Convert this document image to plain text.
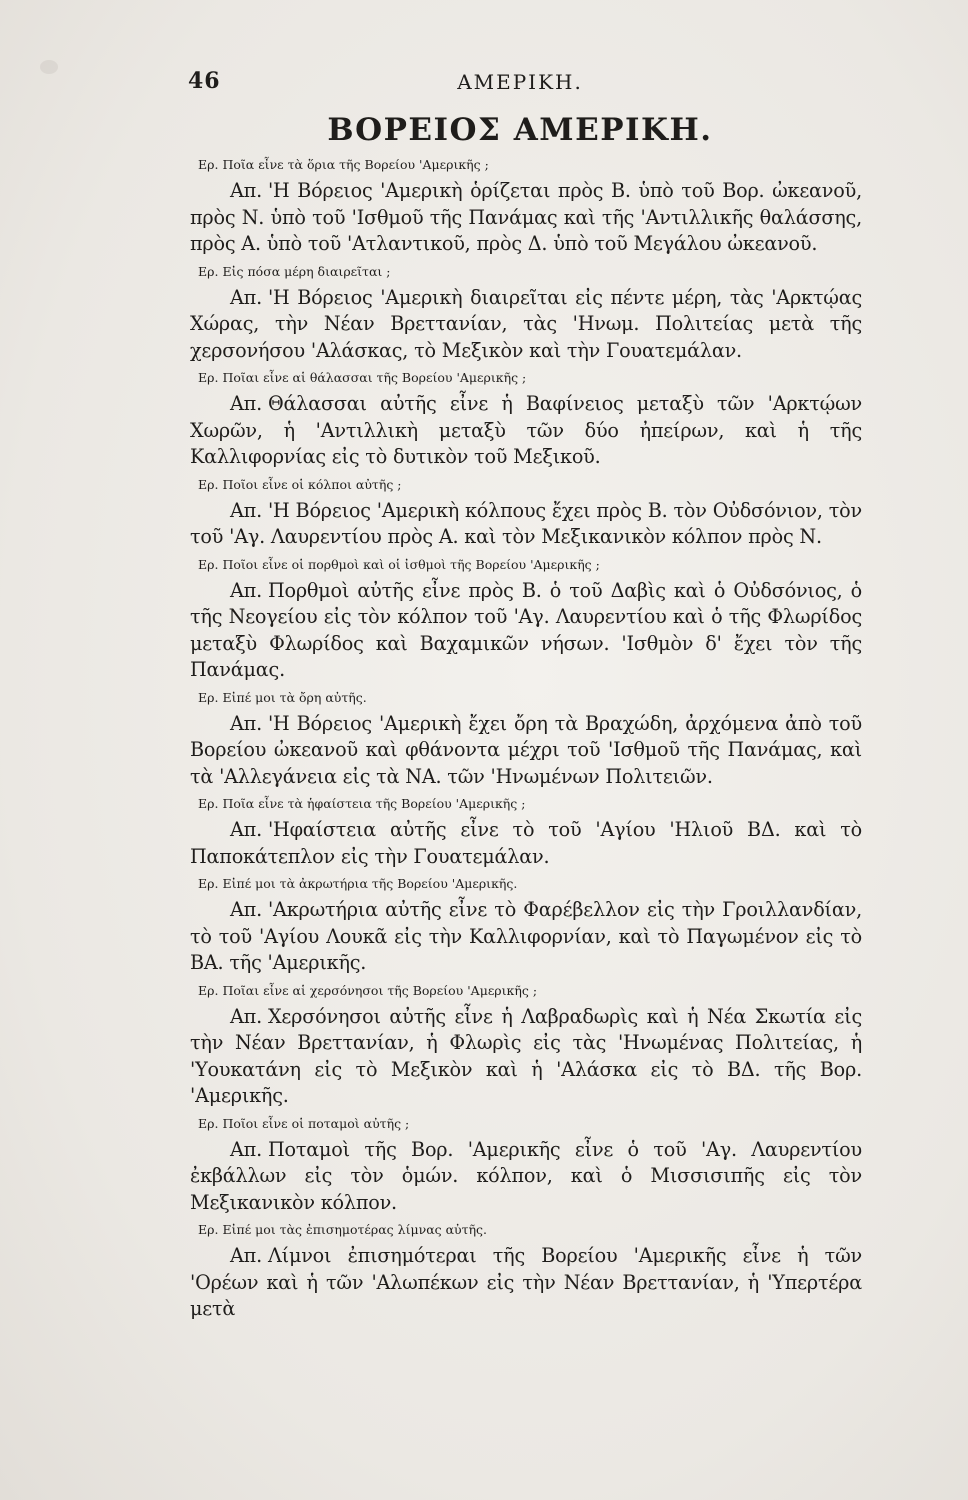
46	ΑΜΕΡΙΚΗ.
ΒΟΡΕΙΟΣ ΑΜΕΡΙΚΗ.

Ερ. Ποῖα εἶνε τὰ ὅρια τῆς Βορείου 'Αμερικῆς ;

Απ. 'Η Βόρειος 'Αμερικὴ ὁρίζεται πρὸς Β. ὑπὸ τοῦ Βορ. ὠκεανοῦ, πρὸς Ν. ὑπὸ τοῦ 'Ισθμοῦ τῆς Πανάμας καὶ τῆς 'Αντιλλικῆς θαλάσσης, πρὸς Α. ὑπὸ τοῦ 'Ατλαντικοῦ, πρὸς Δ. ὑπὸ τοῦ Μεγάλου ὠκεανοῦ.

Ερ. Εἰς πόσα μέρη διαιρεῖται ;

Απ. 'Η Βόρειος 'Αμερικὴ διαιρεῖται εἰς πέντε μέρη, τὰς 'Αρκτῴας Χώρας, τὴν Νέαν Βρεττανίαν, τὰς 'Ηνωμ. Πολιτείας μετὰ τῆς χερσονήσου 'Αλάσκας, τὸ Μεξικὸν καὶ τὴν Γουατεμάλαν.

Ερ. Ποῖαι εἶνε αἱ θάλασσαι τῆς Βορείου 'Αμερικῆς ;

Απ. Θάλασσαι αὐτῆς εἶνε ἡ Βαφίνειος μεταξὺ τῶν 'Αρκτῴων Χωρῶν, ἡ 'Αντιλλικὴ μεταξὺ τῶν δύο ἠπείρων, καὶ ἡ τῆς Καλλιφορνίας εἰς τὸ δυτικὸν τοῦ Μεξικοῦ.

Ερ. Ποῖοι εἶνε οἱ κόλποι αὐτῆς ;

Απ. 'Η Βόρειος 'Αμερικὴ κόλπους ἔχει πρὸς Β. τὸν Οὐδσόνιον, τὸν τοῦ 'Αγ. Λαυρεντίου πρὸς Α. καὶ τὸν Μεξικανικὸν κόλπον πρὸς Ν.

Ερ. Ποῖοι εἶνε οἱ πορθμοὶ καὶ οἱ ἰσθμοὶ τῆς Βορείου 'Αμερικῆς ;

Απ. Πορθμοὶ αὐτῆς εἶνε πρὸς Β. ὁ τοῦ Δαβὶς καὶ ὁ Οὐδσόνιος, ὁ τῆς Νεογείου εἰς τὸν κόλπον τοῦ 'Αγ. Λαυρεντίου καὶ ὁ τῆς Φλωρίδος μεταξὺ Φλωρίδος καὶ Βαχαμικῶν νήσων. 'Ισθμὸν δ' ἔχει τὸν τῆς Πανάμας.

Ερ. Εἰπέ μοι τὰ ὄρη αὐτῆς.

Απ. 'Η Βόρειος 'Αμερικὴ ἔχει ὄρη τὰ Βραχώδη, ἀρχόμενα ἀπὸ τοῦ Βορείου ὠκεανοῦ καὶ φθάνοντα μέχρι τοῦ 'Ισθμοῦ τῆς Πανάμας, καὶ τὰ 'Αλλεγάνεια εἰς τὰ ΝΑ. τῶν 'Ηνωμένων Πολιτειῶν.

Ερ. Ποῖα εἶνε τὰ ἡφαίστεια τῆς Βορείου 'Αμερικῆς ;

Απ. 'Ηφαίστεια αὐτῆς εἶνε τὸ τοῦ 'Αγίου 'Ηλιοῦ ΒΔ. καὶ τὸ Παποκάτεπλον εἰς τὴν Γουατεμάλαν.

Ερ. Εἰπέ μοι τὰ ἀκρωτήρια τῆς Βορείου 'Αμερικῆς.

Απ. 'Ακρωτήρια αὐτῆς εἶνε τὸ Φαρέβελλον εἰς τὴν Γροιλλανδίαν, τὸ τοῦ 'Αγίου Λουκᾶ εἰς τὴν Καλλιφορνίαν, καὶ τὸ Παγωμένον εἰς τὸ ΒΑ. τῆς 'Αμερικῆς.

Ερ. Ποῖαι εἶνε αἱ χερσόνησοι τῆς Βορείου 'Αμερικῆς ;

Απ. Χερσόνησοι αὐτῆς εἶνε ἡ Λαβραδωρὶς καὶ ἡ Νέα Σκωτία εἰς τὴν Νέαν Βρεττανίαν, ἡ Φλωρὶς εἰς τὰς 'Ηνωμένας Πολιτείας, ἡ 'Υουκατάνη εἰς τὸ Μεξικὸν καὶ ἡ 'Αλάσκα εἰς τὸ ΒΔ. τῆς Βορ. 'Αμερικῆς.

Ερ. Ποῖοι εἶνε οἱ ποταμοὶ αὐτῆς ;

Απ. Ποταμοὶ τῆς Βορ. 'Αμερικῆς εἶνε ὁ τοῦ 'Αγ. Λαυρεντίου ἐκβάλλων εἰς τὸν ὁμών. κόλπον, καὶ ὁ Μισσισιπῆς εἰς τὸν Μεξικανικὸν κόλπον.

Ερ. Εἰπέ μοι τὰς ἐπισημοτέρας λίμνας αὐτῆς.

Απ. Λίμνοι ἐπισημότεραι τῆς Βορείου 'Αμερικῆς εἶνε ἡ τῶν 'Ορέων καὶ ἡ τῶν 'Αλωπέκων εἰς τὴν Νέαν Βρεττανίαν, ἡ 'Υπερτέρα μετὰ
